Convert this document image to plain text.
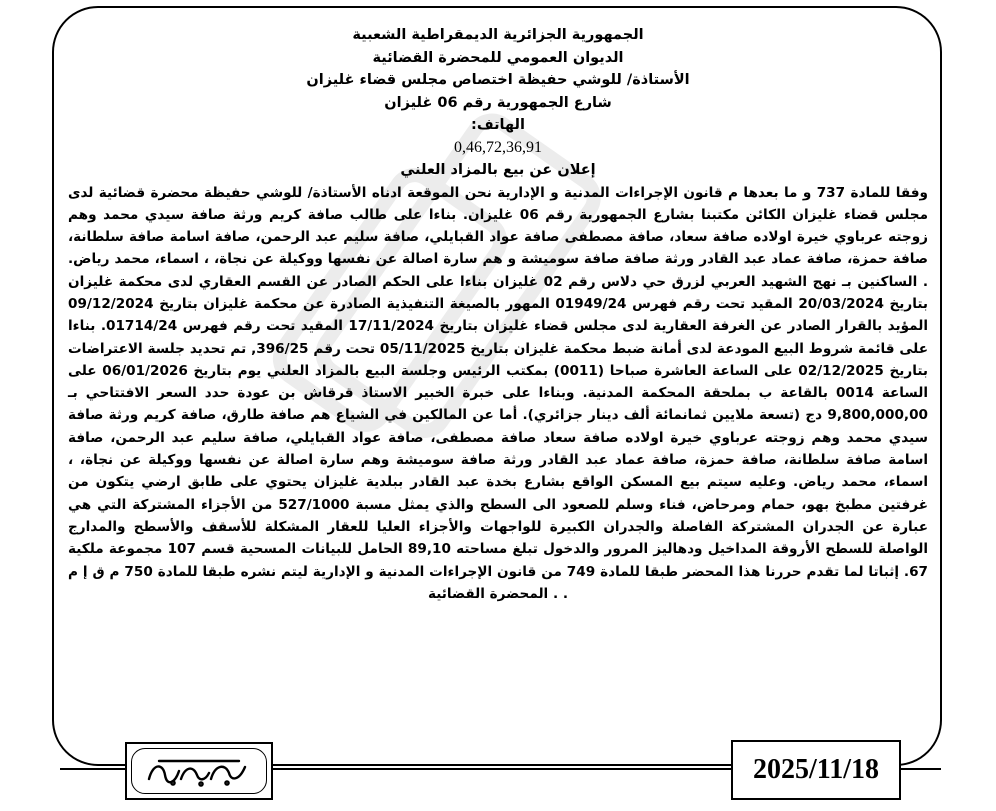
الجمهورية الجزائرية الديمقراطية الشعبية

الديوان العمومي للمحضرة القضائية

الأستاذة/ للوشي حفيظة اختصاص مجلس قضاء غليزان

شارع الجمهورية رقم 06 غليزان

الهاتف:

0,46,72,36,91

إعلان عن بيع بالمزاد العلني

وفقا للمادة 737 و ما بعدها م قانون الإجراءات المدنية و الإدارية نحن الموقعة ادناه الأستاذة/ للوشي حفيظة محضرة قضائية لدى مجلس قضاء غليزان الكائن مكتبنا بشارع الجمهورية رقم 06 غليزان. بناءا على طالب صافة كريم ورثة صافة سيدي محمد وهم زوجته عرباوي خيرة اولاده صافة سعاد، صافة مصطفى صافة عواد القبايلي، صافة سليم عبد الرحمن، صافة اسامة صافة سلطانة، صافة حمزة، صافة عماد عبد القادر ورثة صافة صافة سوميشة و هم سارة اصالة عن نفسها ووكيلة عن نجاة، ، اسماء، محمد رياض. . الساكنين بـ نهج الشهيد العربي لزرق حي دلاس رقم 02 غليزان بناءا على الحكم الصادر عن القسم العقاري لدى محكمة غليزان بتاريخ 20/03/2024 المقيد تحت رقم فهرس 01949/24 المهور بالصيغة التنفيذية الصادرة عن محكمة غليزان بتاريخ 09/12/2024 المؤيد بالقرار الصادر عن الغرفة العقارية لدى مجلس قضاء غليزان بتاريخ 17/11/2024 المقيد تحت رقم فهرس 01714/24. بناءا على قائمة شروط البيع المودعة لدى أمانة ضبط محكمة غليزان بتاريخ 05/11/2025 تحت رقم 396/25, تم تحديد جلسة الاعتراضات بتاريخ 02/12/2025 على الساعة العاشرة صباحا (0011) بمكتب الرئيس وجلسة البيع بالمزاد العلني يوم بتاريخ 06/01/2026 على الساعة 0014 بالقاعة ب بملحقة المحكمة المدنية. وبناءا على خبرة الخبير الاستاذ قرقاش بن عودة حدد السعر الافتتاحي بـ 9,800,000,00 دج (تسعة ملايين ثمانمائة ألف دينار جزائري). أما عن المالكين في الشياع هم صافة طارق، صافة كريم ورثة صافة سيدي محمد وهم زوجته عرباوي خيرة اولاده صافة سعاد صافة مصطفى، صافة عواد القبايلي، صافة سليم عبد الرحمن، صافة اسامة صافة سلطانة، صافة حمزة، صافة عماد عبد القادر ورثة صافة سوميشة وهم سارة اصالة عن نفسها ووكيلة عن نجاة، ، اسماء، محمد رياض. وعليه سيتم بيع المسكن الواقع بشارع بخدة عبد القادر ببلدية غليزان يحتوي على طابق ارضي يتكون من غرفتين مطبخ بهو، حمام ومرحاض، فناء وسلم للصعود الى السطح والذي يمثل مسبة 527/1000 من الأجزاء المشتركة التي هي عبارة عن الجدران المشتركة الفاصلة والجدران الكبيرة للواجهات والأجزاء العليا للعقار المشكلة للأسقف والأسطح والمدارج الواصلة للسطح الأروقة المداخيل ودهاليز المرور والدخول تبلغ مساحته 89,10 الحامل للبيانات المسحية قسم 107 مجموعة ملكية 67. إثباتا لما تقدم حررنا هذا المحضر طبقا للمادة 749 من قانون الإجراءات المدنية و الإدارية ليتم نشره طبقا للمادة 750 م ق إ م . . المحضرة القضائية

2025/11/18
